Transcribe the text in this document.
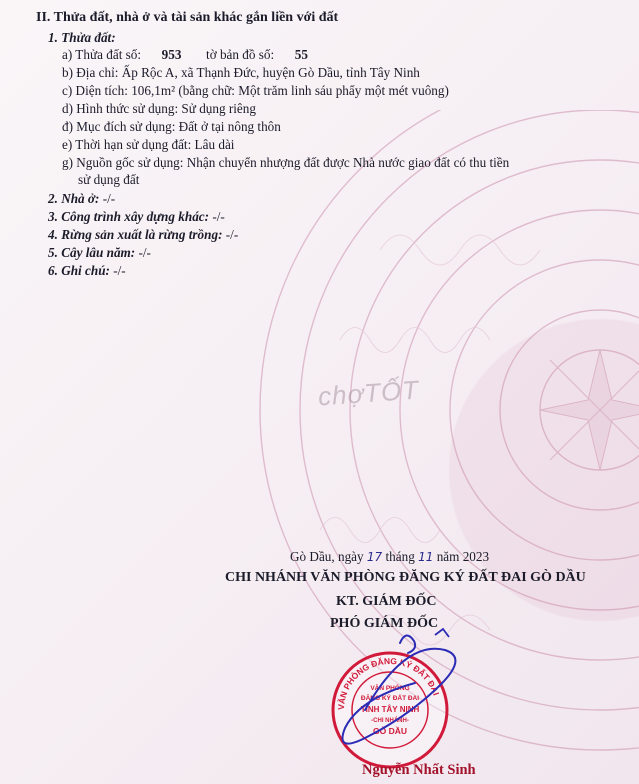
II. Thửa đất, nhà ở và tài sản khác gắn liền với đất
1. Thửa đất:
a) Thửa đất số: 953 tờ bản đồ số: 55
b) Địa chỉ: Ấp Rộc A, xã Thạnh Đức, huyện Gò Dầu, tỉnh Tây Ninh
c) Diện tích: 106,1m² (bằng chữ: Một trăm linh sáu phẩy một mét vuông)
d) Hình thức sử dụng: Sử dụng riêng
đ) Mục đích sử dụng: Đất ở tại nông thôn
e) Thời hạn sử dụng đất: Lâu dài
g) Nguồn gốc sử dụng: Nhận chuyển nhượng đất được Nhà nước giao đất có thu tiền
sử dụng đất
2. Nhà ở: -/-
3. Công trình xây dựng khác: -/-
4. Rừng sản xuất là rừng trồng: -/-
5. Cây lâu năm: -/-
6. Ghi chú: -/-
chợTỐT
Gò Dầu, ngày 17 tháng 11 năm 2023
CHI NHÁNH VĂN PHÒNG ĐĂNG KÝ ĐẤT ĐAI GÒ DẦU
KT. GIÁM ĐỐC
PHÓ GIÁM ĐỐC
VĂN PHÒNG ĐĂNG KÝ ĐẤT ĐAI
VĂN PHÒNG
ĐĂNG KÝ ĐẤT ĐAI
TỈNH TÂY NINH
-CHI NHÁNH-
GÒ DẦU
Nguyễn Nhất Sinh
